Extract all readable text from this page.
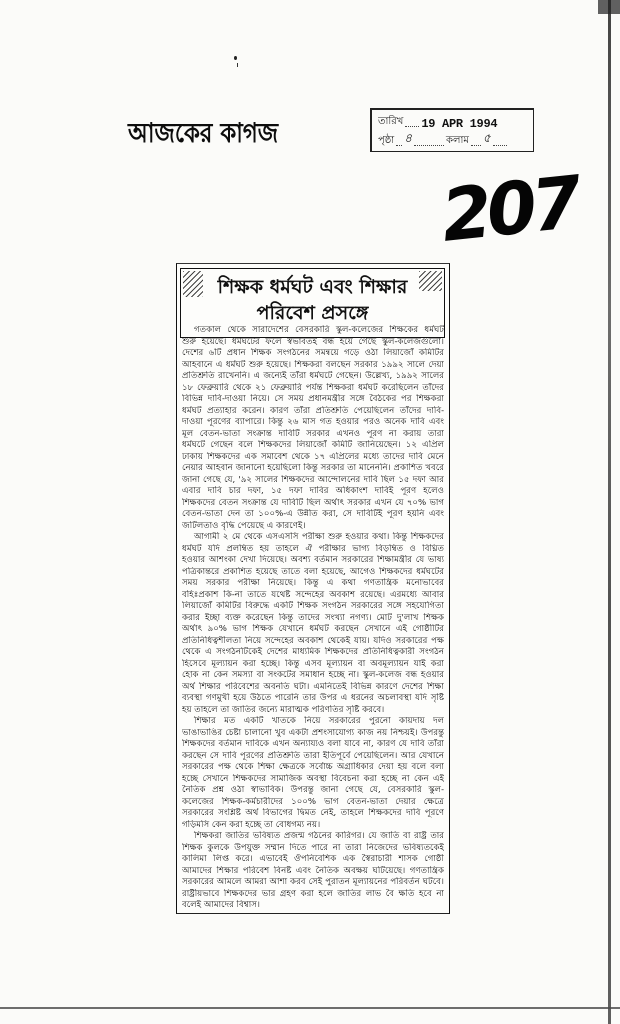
আজকের কাগজ	তারিখ 19 APR 1994
পৃষ্ঠা ৪	কলাম ৫
207
শিক্ষক ধর্মঘট এবং শিক্ষার
পরিবেশ প্রসঙ্গে
গতকাল থেকে সারাদেশের বেসরকারি স্কুল-কলেজের শিক্ষকের ধর্মঘট
শুরু হয়েছে। ধর্মঘটের ফলে স্বভাবতই বন্ধ হয়ে গেছে স্কুল-কলেজগুলো।
দেশের ৬টি প্রধান শিক্ষক সংগঠনের সমন্বয়ে গড়ে ওঠা লিয়াজোঁ কমিটির
আহবানে এ ধর্মঘট শুরু হয়েছে। শিক্ষকরা বলছেন সরকার ১৯৯২ সালে দেয়া
প্রতিশ্রুতি রাখেননি। এ জন্যেই তাঁরা ধর্মঘটে গেছেন। উল্লেখ্য, ১৯৯২ সালের
১৮ ফেব্রুয়ারি থেকে ২১ ফেব্রুয়ারি পর্যন্ত শিক্ষকরা ধর্মঘট করেছিলেন তাঁদের
বিভিন্ন দাবি-দাওয়া নিয়ে। সে সময় প্রধানমন্ত্রীর সঙ্গে বৈঠকের পর শিক্ষকরা
ধর্মঘট প্রত্যাহার করেন। কারণ তাঁরা প্রতিশ্রুতি পেয়েছিলেন তাঁদের দাবি-
দাওয়া পূরণের ব্যাপারে। কিন্তু ২৬ মাস গত হওয়ার পরও অনেক দাবি এবং
মূল বেতন-ভাতা সংক্রান্ত দাবিটি সরকার এখনও পূরণ না করায় তারা
ধর্মঘটে গেছেন বলে শিক্ষকদের লিয়াজোঁ কমিটি জানিয়েছেন। ১২ এপ্রিল
ঢাকায় শিক্ষকদের এক সমাবেশ থেকে ১৭ এপ্রিলের মধ্যে তাদের দাবি মেনে
নেয়ার আহবান জানানো হয়েছিলো কিন্তু সরকার তা মানেননি। প্রকাশিত খবরে
জানা গেছে যে, '৯২ সালের শিক্ষকদের আন্দোলনের দাবি ছিল ১৫ দফা আর
এবার দাবি চার দফা, ১৫ দফা দাবির অধিকাংশ দাবিই পূরণ হলেও
শিক্ষকদের বেতন সংক্রান্ত যে দাবিটি ছিল অর্থাৎ সরকার এখন যে ৭০% ভাগ
বেতন-ভাতা দেন তা ১০০%-এ উন্নীত করা, সে দাবিটিই পূরণ হয়নি এবং
জটিলতাও বৃদ্ধি পেয়েছে এ কারণেই।
আগামী ২ মে থেকে এসএসসি পরীক্ষা শুরু হওয়ার কথা। কিন্তু শিক্ষকদের
ধর্মঘট যদি প্রলম্বিত হয় তাহলে ঐ পরীক্ষার ভাগ্য বিড়ম্বিত ও বিঘ্নিত
হওয়ার আশংকা দেখা দিয়েছে। অবশ্য বর্তমান সরকারের শিক্ষামন্ত্রীর যে ভাষ্য
পত্রিকান্তরে প্রকাশিত হয়েছে তাতে বলা হয়েছে, আগেও শিক্ষকদের ধর্মঘটের
সময় সরকার পরীক্ষা নিয়েছে। কিন্তু এ কথা গণতান্ত্রিক মনোভাবের
বহিঃপ্রকাশ কি-না তাতে যথেষ্ট সন্দেহের অবকাশ রয়েছে। এরমধ্যে আবার
লিয়াজোঁ কমিটির বিরুদ্ধে একটি শিক্ষক সংগঠন সরকারের সঙ্গে সহযোগিতা
করার ইচ্ছা ব্যক্ত করেছেন কিন্তু তাদের সংখ্যা নগণ্য। মোট দু'লাখ শিক্ষক
অর্থাৎ ৯০% ভাগ শিক্ষক যেখানে ধর্মঘট করছেন সেখানে এই গোষ্ঠীটির
প্রতিনিধিত্বশীলতা নিয়ে সন্দেহের অবকাশ থেকেই যায়। যদিও সরকারের পক্ষ
থেকে এ সংগঠনটিকেই দেশের মাধ্যমিক শিক্ষকদের প্রতিনিধিত্বকারী সংগঠন
হিসেবে মূল্যায়ন করা হচ্ছে। কিন্তু এসব মূল্যায়ন বা অবমূল্যায়ন যাই করা
হোক না কেন সমস্যা বা সংকটের সমাধান হচ্ছে না। স্কুল-কলেজ বন্ধ হওয়ার
অর্থ শিক্ষার পরিবেশের অবনতি ঘটা। এমনিতেই বিভিন্ন কারণে দেশের শিক্ষা
ব্যবস্থা গণমুখী হয়ে উঠতে পারেনি তার উপর এ ধরনের অচলাবস্থা যদি সৃষ্টি
হয় তাহলে তা জাতির জন্যে মারাত্মক পরিণতির সৃষ্টি করবে।
শিক্ষার মত একটি খাতকে নিয়ে সরকারের পুরনো কায়দায় দল
ভাঙাভাঙির চেষ্টা চালানো খুব একটা প্রশংসাযোগ্য কাজ নয় নিশ্চয়ই। উপরন্তু
শিক্ষকদের বর্তমান দাবিকে এখন অন্যায্যও বলা যাবে না, কারণ যে দাবি তাঁরা
করছেন সে দাবি পূরণের প্রতিশ্রুতি তারা ইতিপূর্বে পেয়েছিলেন। আর যেখানে
সরকারের পক্ষ থেকে শিক্ষা ক্ষেত্রকে সর্বোচ্চ অগ্রাধিকার দেয়া হয় বলে বলা
হচ্ছে সেখানে শিক্ষকদের সামাজিক অবস্থা বিবেচনা করা হচ্ছে না কেন এই
নৈতিক প্রশ্ন ওঠা স্বাভাবিক। উপরন্তু জানা গেছে যে, বেসরকারি স্কুল-
কলেজের শিক্ষক-কর্মচারীদের ১০০% ভাগ বেতন-ভাতা দেয়ার ক্ষেত্রে
সরকারের সংশ্লিষ্ট অর্থ বিভাগের দ্বিমত নেই, তাহলে শিক্ষকদের দাবি পূরণে
গড়িমসি কেন করা হচ্ছে তা বোধগম্য নয়।
শিক্ষকরা জাতির ভবিষ্যত প্রজন্ম গঠনের কারিগর। যে জাতি বা রাষ্ট্র তার
শিক্ষক কুলকে উপযুক্ত সম্মান দিতে পারে না তারা নিজেদের ভবিষ্যতকেই
কালিমা লিপ্ত করে। এভাবেই ঔপনিবেশিক এক স্বৈরাচারী শাসক গোষ্ঠী
আমাদের শিক্ষার পরিবেশ বিনষ্ট এবং নৈতিক অবক্ষয় ঘটিয়েছে। গণতান্ত্রিক
সরকারের আমলে আমরা আশা করব সেই পুরাতন মূল্যায়নের পরিবর্তন ঘটবে।
রাষ্ট্রীয়ভাবে শিক্ষকদের ভার গ্রহণ করা হলে জাতির লাভ বৈ ক্ষতি হবে না
বলেই আমাদের বিশ্বাস।
